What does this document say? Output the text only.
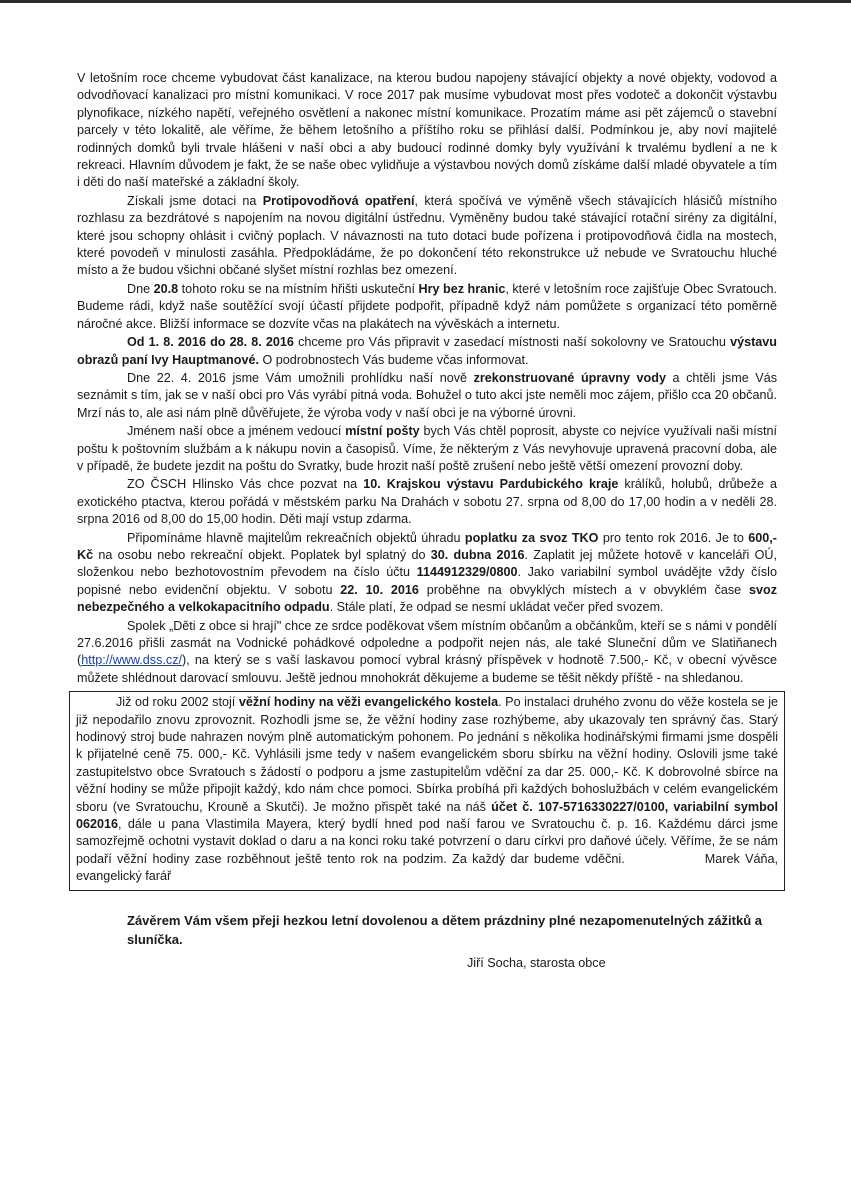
V letošním roce chceme vybudovat část kanalizace, na kterou budou napojeny stávající objekty a nové objekty, vodovod a odvodňovací kanalizaci pro místní komunikaci. V roce 2017 pak musíme vybudovat most přes vodoteč a dokončit výstavbu plynofikace, nízkého napětí, veřejného osvětlení a nakonec místní komunikace. Prozatím máme asi pět zájemců o stavební parcely v této lokalitě, ale věříme, že během letošního a příštího roku se přihlásí další. Podmínkou je, aby noví majitelé rodinných domků byli trvale hlášeni v naší obci a aby budoucí rodinné domky byly využívání k trvalému bydlení a ne k rekreaci. Hlavním důvodem je fakt, že se naše obec vylidňuje a výstavbou nových domů získáme další mladé obyvatele a tím i děti do naší mateřské a základní školy.

Získali jsme dotaci na Protipovodňová opatření, která spočívá ve výměně všech stávajících hlásičů místního rozhlasu za bezdrátové s napojením na novou digitální ústřednu. Vyměněny budou také stávající rotační sirény za digitální, které jsou schopny ohlásit i cvičný poplach. V návaznosti na tuto dotaci bude pořízena i protipovodňová čidla na mostech, které povodeň v minulosti zasáhla. Předpokládáme, že po dokončení této rekonstrukce už nebude ve Svratouchu hluché místo a že budou všichni občané slyšet místní rozhlas bez omezení.

Dne 20.8 tohoto roku se na místním hřišti uskuteční Hry bez hranic, které v letošním roce zajišťuje Obec Svratouch. Budeme rádi, když naše soutěžící svojí účastí přijdete podpořit, případně když nám pomůžete s organizací této poměrně náročné akce. Bližší informace se dozvíte včas na plakátech na vývěskách a internetu.

Od 1. 8. 2016 do 28. 8. 2016 chceme pro Vás připravit v zasedací místnosti naší sokolovny ve Sratouchu výstavu obrazů paní Ivy Hauptmanové. O podrobnostech Vás budeme včas informovat.

Dne 22. 4. 2016 jsme Vám umožnili prohlídku naší nově zrekonstruované úpravny vody a chtěli jsme Vás seznámit s tím, jak se v naší obci pro Vás vyrábí pitná voda. Bohužel o tuto akci jste neměli moc zájem, přišlo cca 20 občanů. Mrzí nás to, ale asi nám plně důvěřujete, že výroba vody v naší obci je na výborné úrovni.

Jménem naší obce a jménem vedoucí místní pošty bych Vás chtěl poprosit, abyste co nejvíce využívali naši místní poštu k poštovním službám a k nákupu novin a časopisů. Víme, že některým z Vás nevyhovuje upravená pracovní doba, ale v případě, že budete jezdit na poštu do Svratky, bude hrozit naší poště zrušení nebo ještě větší omezení provozní doby.

ZO ČSCH Hlinsko Vás chce pozvat na 10. Krajskou výstavu Pardubického kraje králíků, holubů, drůbeže a exotického ptactva, kterou pořádá v městském parku Na Drahách v sobotu 27. srpna od 8,00 do 17,00 hodin a v neděli 28. srpna 2016 od 8,00 do 15,00 hodin. Děti mají vstup zdarma.

Připomínáme hlavně majitelům rekreačních objektů úhradu poplatku za svoz TKO pro tento rok 2016. Je to 600,- Kč na osobu nebo rekreační objekt. Poplatek byl splatný do 30. dubna 2016. Zaplatit jej můžete hotově v kanceláři OÚ, složenkou nebo bezhotovostním převodem na číslo účtu 1144912329/0800. Jako variabilní symbol uvádějte vždy číslo popisné nebo evidenční objektu. V sobotu 22. 10. 2016 proběhne na obvyklých místech a v obvyklém čase svoz nebezpečného a velkokapacitního odpadu. Stále platí, že odpad se nesmí ukládat večer před svozem.

Spolek „Děti z obce si hrají" chce ze srdce poděkovat všem místním občanům a občánkům, kteří se s námi v pondělí 27.6.2016 přišli zasmát na Vodnické pohádkové odpoledne a podpořit nejen nás, ale také Sluneční dům ve Slatiňanech (http://www.dss.cz/), na který se s vaší laskavou pomocí vybral krásný příspěvek v hodnotě 7.500,- Kč, v obecní vývěsce můžete shlédnout darovací smlouvu. Ještě jednou mnohokrát děkujeme a budeme se těšit někdy příště - na shledanou.

Již od roku 2002 stojí věžní hodiny na věži evangelického kostela. Po instalaci druhého zvonu do věže kostela se je již nepodařilo znovu zprovoznit. Rozhodli jsme se, že věžní hodiny zase rozhýbeme, aby ukazovaly ten správný čas. Starý hodinový stroj bude nahrazen novým plně automatickým pohonem. Po jednání s několika hodinářskými firmami jsme dospěli k přijatelné ceně 75. 000,- Kč. Vyhlásili jsme tedy v našem evangelickém sboru sbírku na věžní hodiny. Oslovili jsme také zastupitelstvo obce Svratouch s žádostí o podporu a jsme zastupitelům vděční za dar 25. 000,- Kč. K dobrovolné sbírce na věžní hodiny se může připojit každý, kdo nám chce pomoci. Sbírka probíhá při každých bohoslužbách v celém evangelickém sboru (ve Svratouchu, Krouně a Skutči). Je možno přispět také na náš účet č. 107-5716330227/0100, variabilní symbol 062016, dále u pana Vlastimila Mayera, který bydlí hned pod naší farou ve Svratouchu č. p. 16. Každému dárci jsme samozřejmě ochotni vystavit doklad o daru a na konci roku také potvrzení o daru církvi pro daňové účely. Věříme, že se nám podaří věžní hodiny zase rozběhnout ještě tento rok na podzim. Za každý dar budeme vděčni.	Marek Váňa, evangelický farář

Závěrem Vám všem přeji hezkou letní dovolenou a dětem prázdniny plné nezapomenutelných zážitků a sluníčka.
Jiří Socha, starosta obce
